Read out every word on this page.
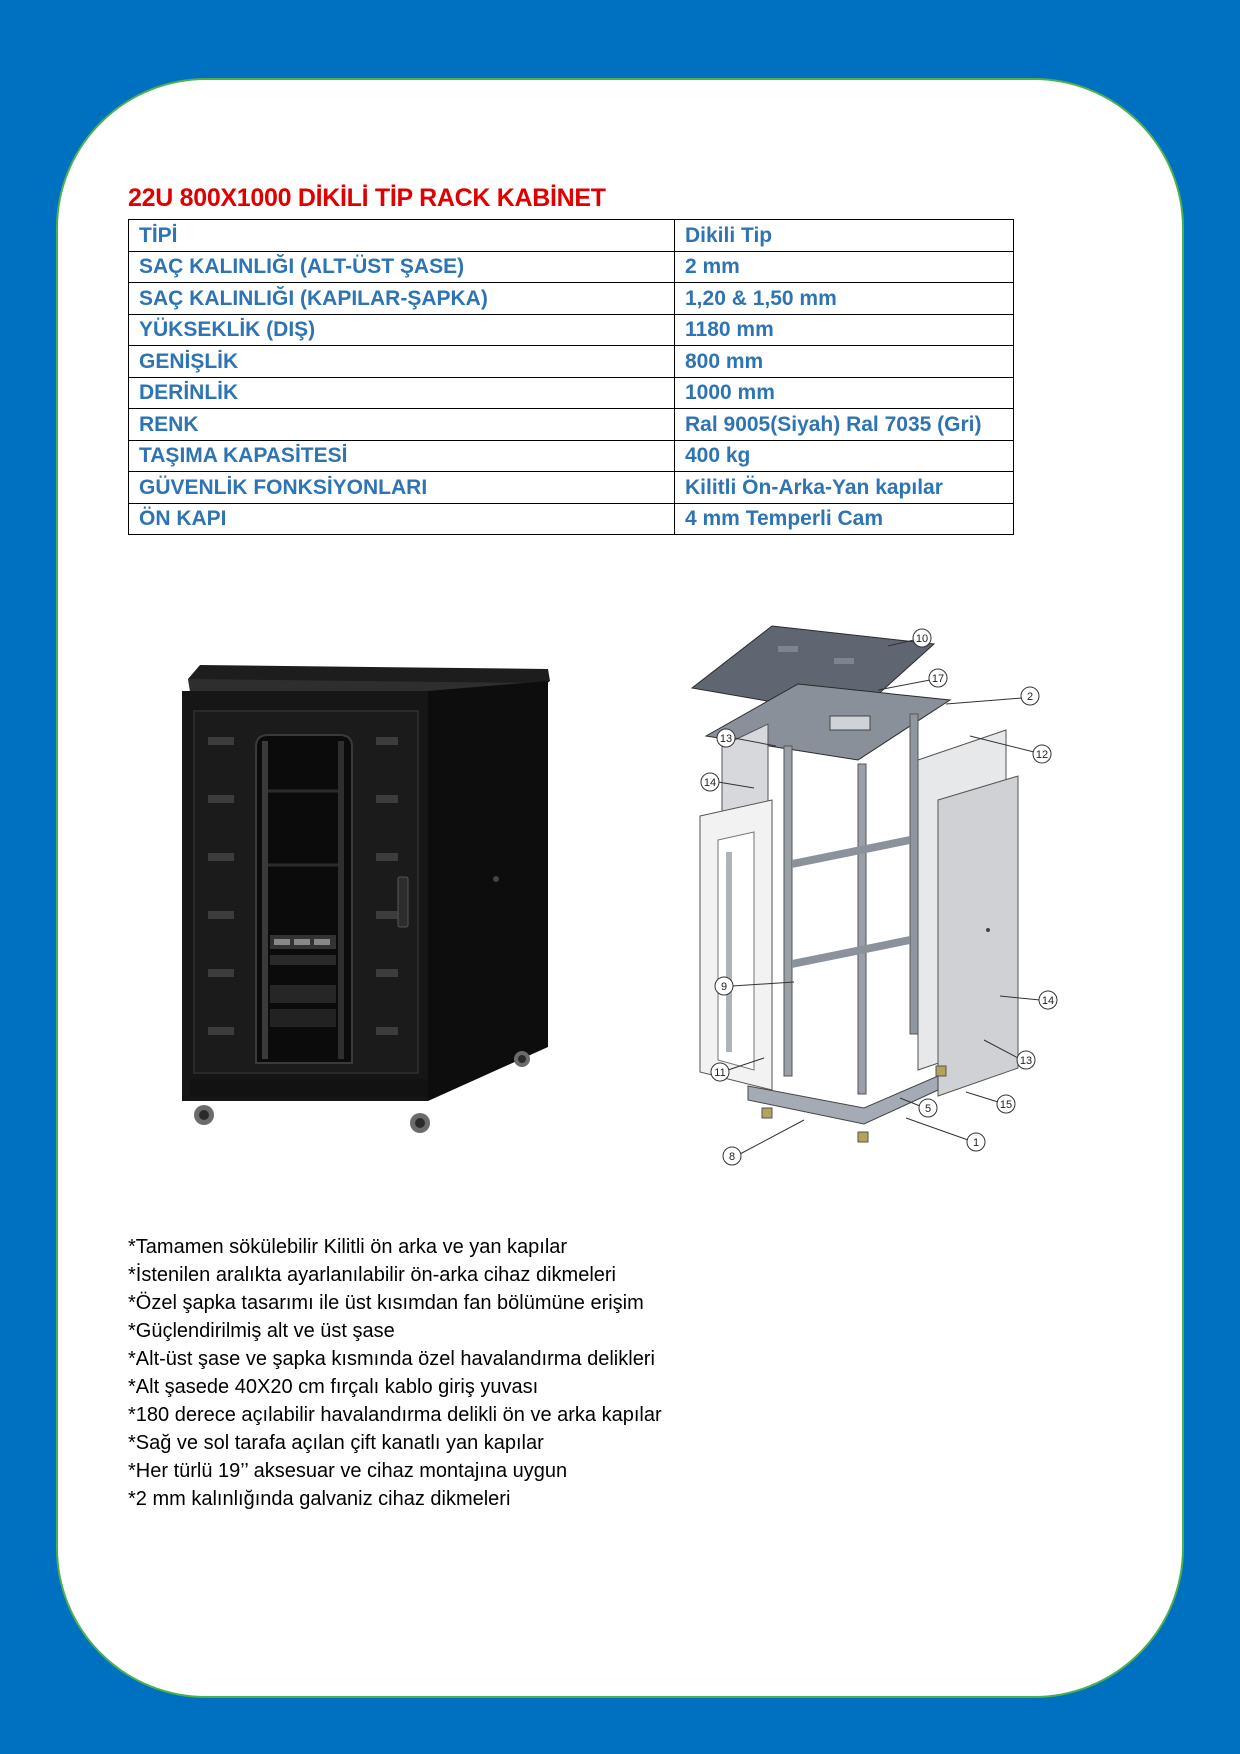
22U 800X1000 DİKİLİ TİP RACK KABİNET
TİPİ	Dikili Tip
SAÇ KALINLIĞI (ALT-ÜST ŞASE)	2 mm
SAÇ KALINLIĞI (KAPILAR-ŞAPKA)	1,20 & 1,50 mm
YÜKSEKLİK (DIŞ)	1180 mm
GENİŞLİK	800 mm
DERİNLİK	1000 mm
RENK	Ral 9005(Siyah) Ral 7035 (Gri)
TAŞIMA KAPASİTESİ	400 kg
GÜVENLİK FONKSİYONLARI	Kilitli Ön-Arka-Yan kapılar
ÖN KAPI	4 mm Temperli Cam
10
17
2
12
13
14
9
14
13
11
15
5
1
8
*Tamamen sökülebilir Kilitli ön arka ve yan kapılar
*İstenilen aralıkta ayarlanılabilir ön-arka cihaz dikmeleri
*Özel şapka tasarımı ile üst kısımdan fan bölümüne erişim
*Güçlendirilmiş alt ve üst şase
*Alt-üst şase ve şapka kısmında özel havalandırma delikleri
*Alt şasede 40X20 cm fırçalı kablo giriş yuvası
*180 derece açılabilir havalandırma delikli ön ve arka kapılar
*Sağ ve sol tarafa açılan çift kanatlı yan kapılar
*Her türlü 19’’ aksesuar ve cihaz montajına uygun
*2 mm kalınlığında galvaniz cihaz dikmeleri
